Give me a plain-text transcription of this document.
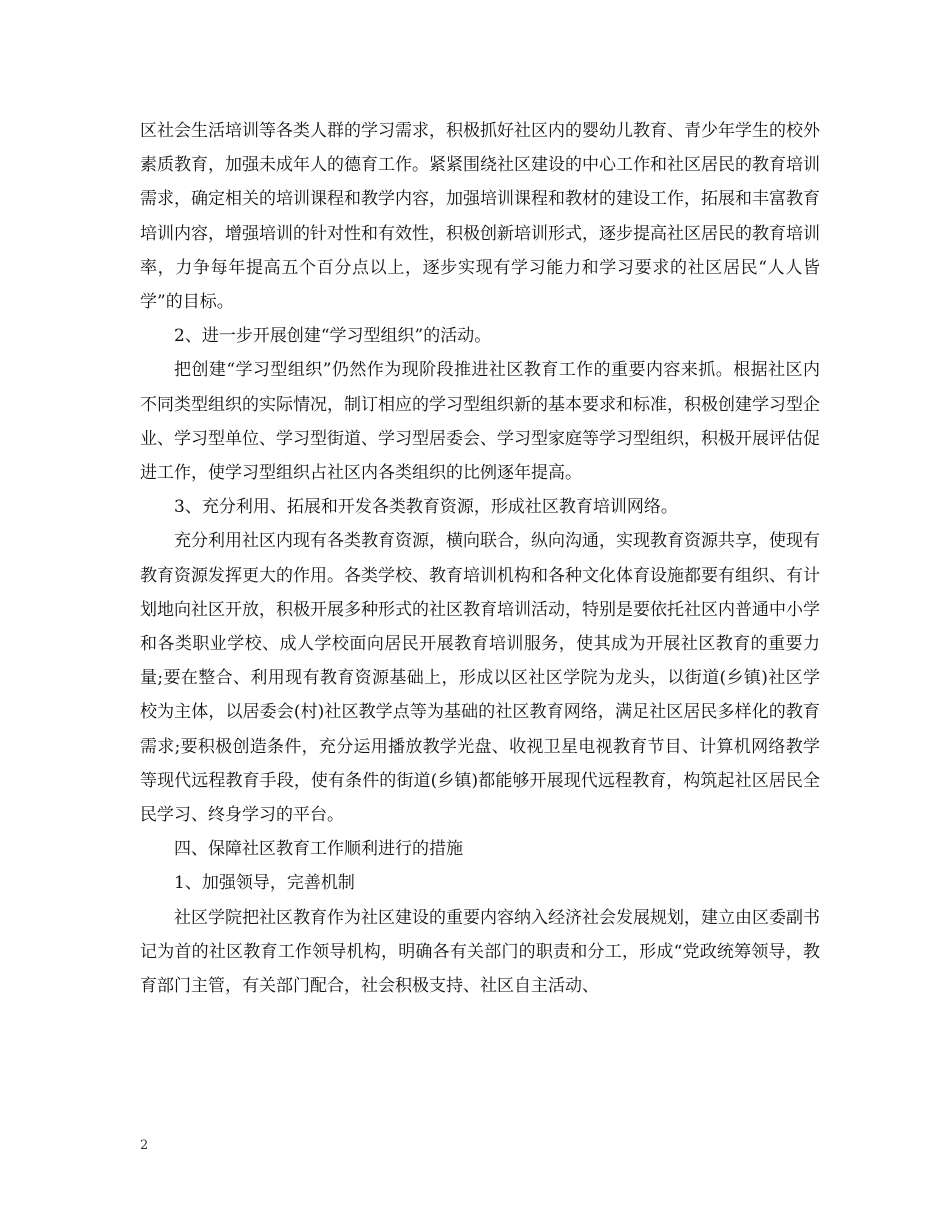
区社会生活培训等各类人群的学习需求，积极抓好社区内的婴幼儿教育、青少年学生的校外素质教育，加强未成年人的德育工作。紧紧围绕社区建设的中心工作和社区居民的教育培训需求，确定相关的培训课程和教学内容，加强培训课程和教材的建设工作，拓展和丰富教育培训内容，增强培训的针对性和有效性，积极创新培训形式，逐步提高社区居民的教育培训率，力争每年提高五个百分点以上，逐步实现有学习能力和学习要求的社区居民“人人皆学”的目标。

2、进一步开展创建“学习型组织”的活动。

把创建“学习型组织”仍然作为现阶段推进社区教育工作的重要内容来抓。根据社区内不同类型组织的实际情况，制订相应的学习型组织新的基本要求和标准，积极创建学习型企业、学习型单位、学习型街道、学习型居委会、学习型家庭等学习型组织，积极开展评估促进工作，使学习型组织占社区内各类组织的比例逐年提高。

3、充分利用、拓展和开发各类教育资源，形成社区教育培训网络。

充分利用社区内现有各类教育资源，横向联合，纵向沟通，实现教育资源共享，使现有教育资源发挥更大的作用。各类学校、教育培训机构和各种文化体育设施都要有组织、有计划地向社区开放，积极开展多种形式的社区教育培训活动，特别是要依托社区内普通中小学和各类职业学校、成人学校面向居民开展教育培训服务，使其成为开展社区教育的重要力量;要在整合、利用现有教育资源基础上，形成以区社区学院为龙头，以街道(乡镇)社区学校为主体，以居委会(村)社区教学点等为基础的社区教育网络，满足社区居民多样化的教育需求;要积极创造条件，充分运用播放教学光盘、收视卫星电视教育节目、计算机网络教学等现代远程教育手段，使有条件的街道(乡镇)都能够开展现代远程教育，构筑起社区居民全民学习、终身学习的平台。

四、保障社区教育工作顺利进行的措施

1、加强领导，完善机制

社区学院把社区教育作为社区建设的重要内容纳入经济社会发展规划，建立由区委副书记为首的社区教育工作领导机构，明确各有关部门的职责和分工，形成“党政统筹领导，教育部门主管，有关部门配合，社会积极支持、社区自主活动、

2
